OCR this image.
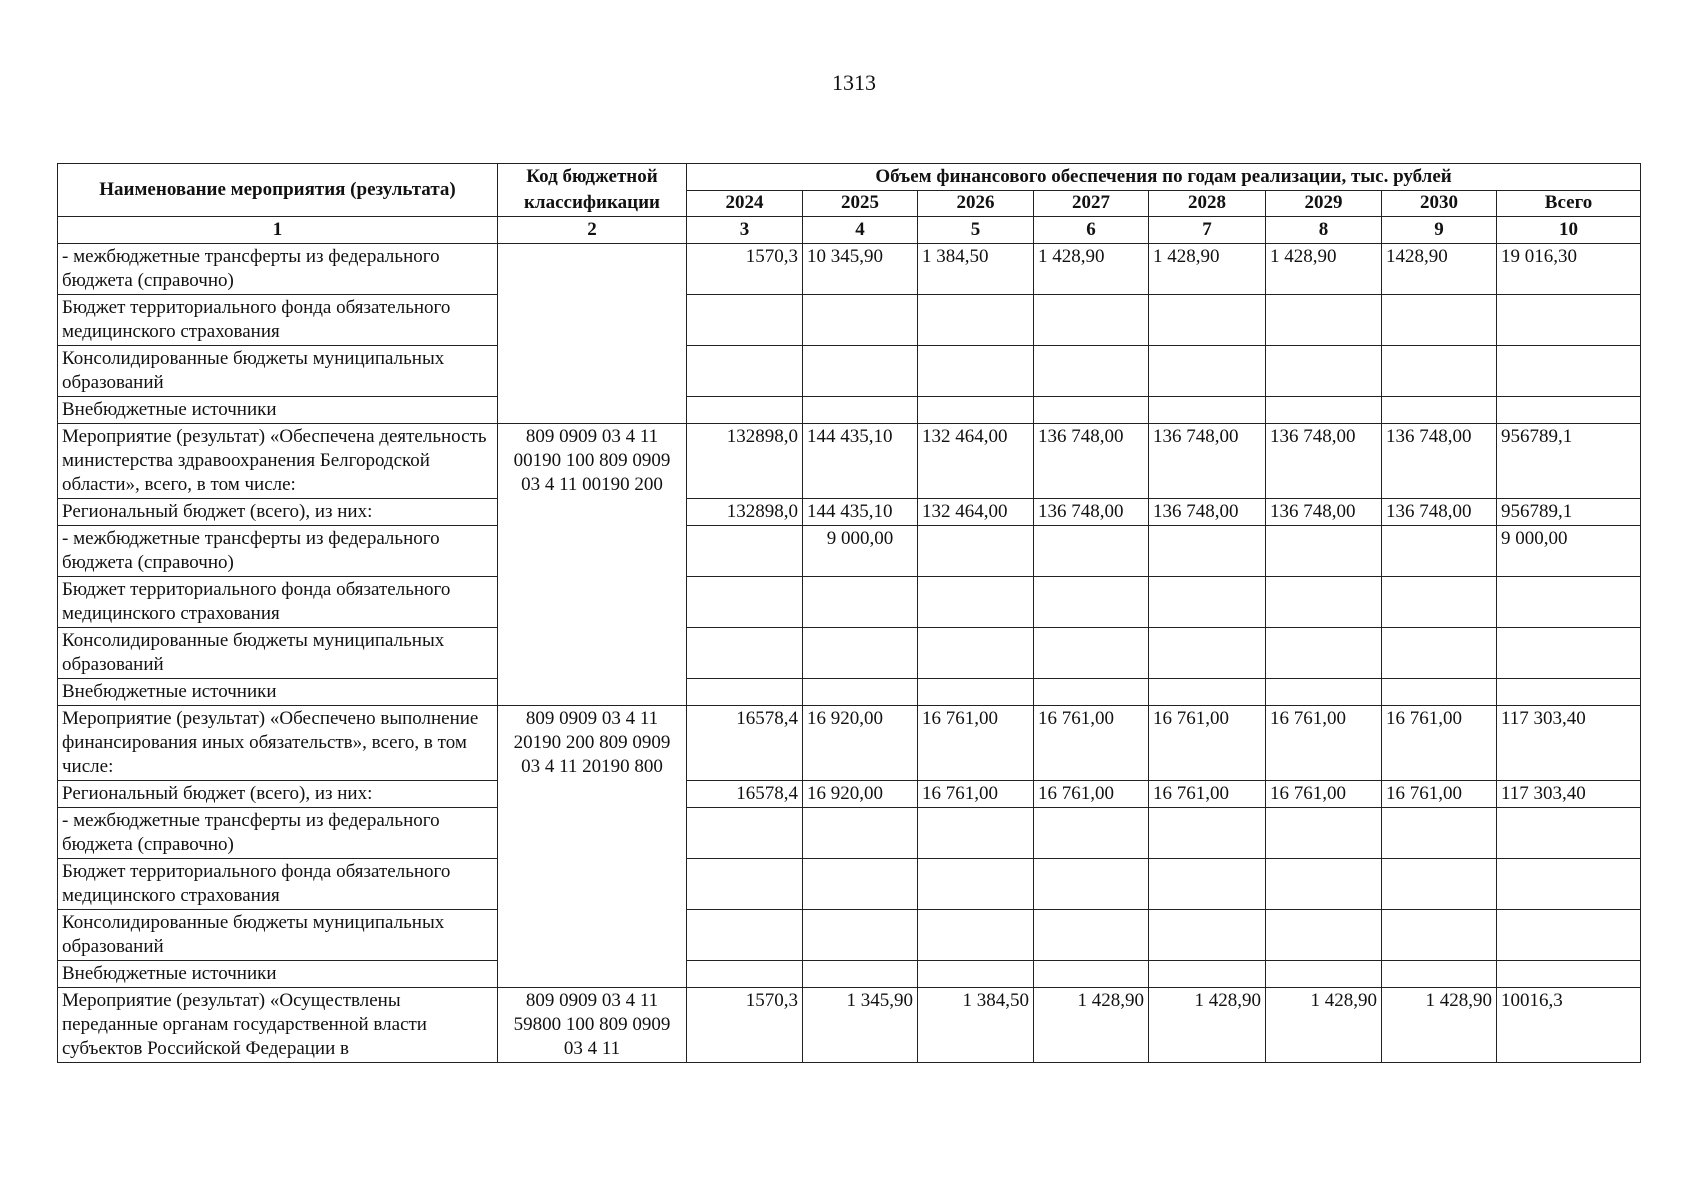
1313
Наименование мероприятия (результата)	Код бюджетной классификации	Объем финансового обеспечения по годам реализации, тыс. рублей							
		2024	2025	2026	2027	2028	2029	2030	Всего
1	2	3	4	5	6	7	8	9	10
- межбюджетные трансферты из федерального бюджета (справочно)		1570,3	10 345,90	1 384,50	1 428,90	1 428,90	1 428,90	1428,90	19 016,30
Бюджет территориального фонда обязательного медицинского страхования									
Консолидированные бюджеты муниципальных образований									
Внебюджетные источники									
Мероприятие (результат) «Обеспечена деятельность министерства здравоохранения Белгородской области», всего, в том числе:	809 0909 03 4 11 00190 100 809 0909 03 4 11 00190 200	132898,0	144 435,10	132 464,00	136 748,00	136 748,00	136 748,00	136 748,00	956789,1
Региональный бюджет (всего), из них:		132898,0	144 435,10	132 464,00	136 748,00	136 748,00	136 748,00	136 748,00	956789,1
- межбюджетные трансферты из федерального бюджета (справочно)			9 000,00						9 000,00
Бюджет территориального фонда обязательного медицинского страхования									
Консолидированные бюджеты муниципальных образований									
Внебюджетные источники									
Мероприятие (результат) «Обеспечено выполнение финансирования иных обязательств», всего, в том числе:	809 0909 03 4 11 20190 200 809 0909 03 4 11 20190 800	16578,4	16 920,00	16 761,00	16 761,00	16 761,00	16 761,00	16 761,00	117 303,40
Региональный бюджет (всего), из них:		16578,4	16 920,00	16 761,00	16 761,00	16 761,00	16 761,00	16 761,00	117 303,40
- межбюджетные трансферты из федерального бюджета (справочно)									
Бюджет территориального фонда обязательного медицинского страхования									
Консолидированные бюджеты муниципальных образований									
Внебюджетные источники									
Мероприятие (результат) «Осуществлены переданные органам государственной власти субъектов Российской Федерации в	809 0909 03 4 11 59800 100 809 0909 03 4 11	1570,3	1 345,90	1 384,50	1 428,90	1 428,90	1 428,90	1 428,90	10016,3
